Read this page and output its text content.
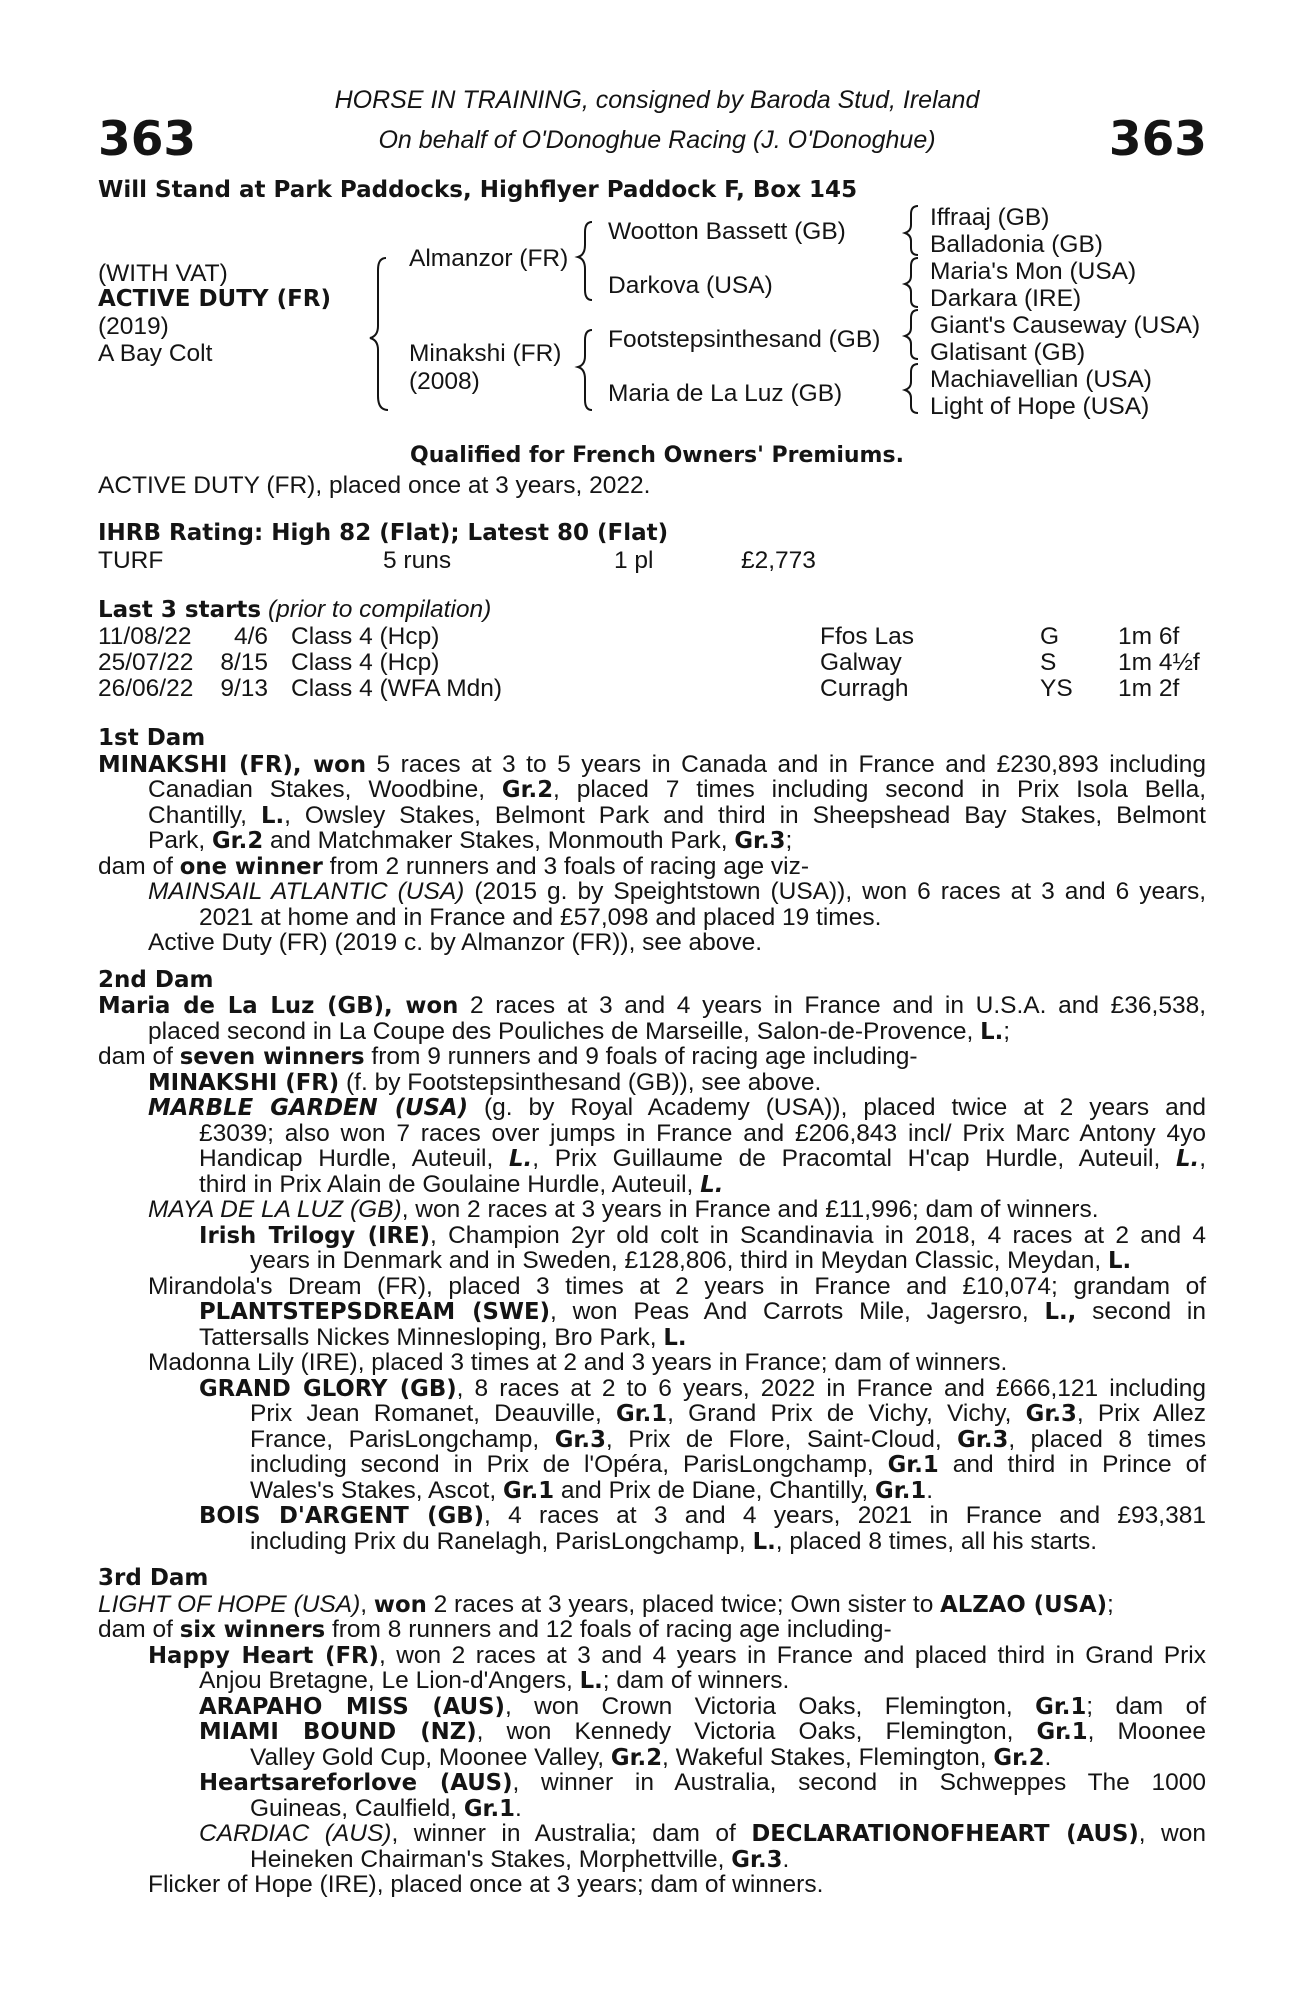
363	363
HORSE IN TRAINING, consigned by Baroda Stud, Ireland
On behalf of O'Donoghue Racing (J. O'Donoghue)
Will Stand at Park Paddocks, Highflyer Paddock F, Box 145
(WITH VAT)
ACTIVE DUTY (FR)
(2019)
A Bay Colt
Almanzor (FR)
Minakshi (FR)
(2008)
Wootton Bassett (GB)
Darkova (USA)
Footstepsinthesand (GB)
Maria de La Luz (GB)
Iffraaj (GB)
Balladonia (GB)
Maria's Mon (USA)
Darkara (IRE)
Giant's Causeway (USA)
Glatisant (GB)
Machiavellian (USA)
Light of Hope (USA)
Qualified for French Owners' Premiums.
ACTIVE DUTY (FR), placed once at 3 years, 2022.
IHRB Rating: High 82 (Flat); Latest 80 (Flat)
TURF	5 runs	1 pl	£2,773
Last 3 starts (prior to compilation)
11/08/22	4/6 Class 4 (Hcp)	Ffos Las	G 1m 6f
25/07/22	8/15 Class 4 (Hcp)	Galway	S	1m 4½f
26/06/22	9/13 Class 4 (WFA Mdn)	Curragh	YS 1m 2f
1st Dam
MINAKSHI (FR), won 5 races at 3 to 5 years in Canada and in France and £230,893 including
Canadian Stakes, Woodbine, Gr.2, placed 7 times including second in Prix Isola Bella,
Chantilly, L., Owsley Stakes, Belmont Park and third in Sheepshead Bay Stakes, Belmont
Park, Gr.2 and Matchmaker Stakes, Monmouth Park, Gr.3;
dam of one winner from 2 runners and 3 foals of racing age viz-
MAINSAIL ATLANTIC (USA) (2015 g. by Speightstown (USA)), won 6 races at 3 and 6 years,
2021 at home and in France and £57,098 and placed 19 times.
Active Duty (FR) (2019 c. by Almanzor (FR)), see above.
2nd Dam
Maria de La Luz (GB), won 2 races at 3 and 4 years in France and in U.S.A. and £36,538,
placed second in La Coupe des Pouliches de Marseille, Salon-de-Provence, L.;
dam of seven winners from 9 runners and 9 foals of racing age including-
MINAKSHI (FR) (f. by Footstepsinthesand (GB)), see above.
MARBLE GARDEN (USA) (g. by Royal Academy (USA)), placed twice at 2 years and
£3039; also won 7 races over jumps in France and £206,843 incl/ Prix Marc Antony 4yo
Handicap Hurdle, Auteuil, L., Prix Guillaume de Pracomtal H'cap Hurdle, Auteuil, L.,
third in Prix Alain de Goulaine Hurdle, Auteuil, L.
MAYA DE LA LUZ (GB), won 2 races at 3 years in France and £11,996; dam of winners.
Irish Trilogy (IRE), Champion 2yr old colt in Scandinavia in 2018, 4 races at 2 and 4
years in Denmark and in Sweden, £128,806, third in Meydan Classic, Meydan, L.
Mirandola's Dream (FR), placed 3 times at 2 years in France and £10,074; grandam of
PLANTSTEPSDREAM (SWE), won Peas And Carrots Mile, Jagersro, L., second in
Tattersalls Nickes Minnesloping, Bro Park, L.
Madonna Lily (IRE), placed 3 times at 2 and 3 years in France; dam of winners.
GRAND GLORY (GB), 8 races at 2 to 6 years, 2022 in France and £666,121 including
Prix Jean Romanet, Deauville, Gr.1, Grand Prix de Vichy, Vichy, Gr.3, Prix Allez
France, ParisLongchamp, Gr.3, Prix de Flore, Saint-Cloud, Gr.3, placed 8 times
including second in Prix de l'Opéra, ParisLongchamp, Gr.1 and third in Prince of
Wales's Stakes, Ascot, Gr.1 and Prix de Diane, Chantilly, Gr.1.
BOIS D'ARGENT (GB), 4 races at 3 and 4 years, 2021 in France and £93,381
including Prix du Ranelagh, ParisLongchamp, L., placed 8 times, all his starts.
3rd Dam
LIGHT OF HOPE (USA), won 2 races at 3 years, placed twice; Own sister to ALZAO (USA);
dam of six winners from 8 runners and 12 foals of racing age including-
Happy Heart (FR), won 2 races at 3 and 4 years in France and placed third in Grand Prix
Anjou Bretagne, Le Lion-d'Angers, L.; dam of winners.
ARAPAHO MISS (AUS), won Crown Victoria Oaks, Flemington, Gr.1; dam of
MIAMI BOUND (NZ), won Kennedy Victoria Oaks, Flemington, Gr.1, Moonee
Valley Gold Cup, Moonee Valley, Gr.2, Wakeful Stakes, Flemington, Gr.2.
Heartsareforlove (AUS), winner in Australia, second in Schweppes The 1000
Guineas, Caulfield, Gr.1.
CARDIAC (AUS), winner in Australia; dam of DECLARATIONOFHEART (AUS), won
Heineken Chairman's Stakes, Morphettville, Gr.3.
Flicker of Hope (IRE), placed once at 3 years; dam of winners.
